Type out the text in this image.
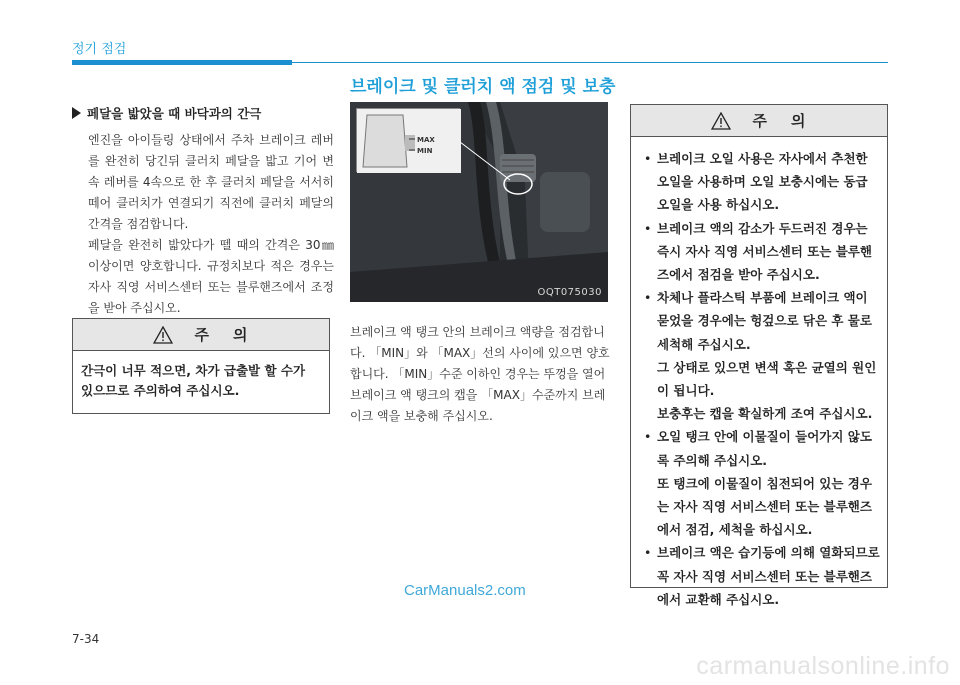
정기 점검
브레이크 및 클러치 액 점검 및 보충
페달을 밟았을 때 바닥과의 간극

엔진을 아이들링 상태에서 주차 브레이크 레버를 완전히 당긴뒤 클러치 페달을 밟고 기어 변속 레버를 4속으로 한 후 클러치 페달을 서서히 떼어 클러치가 연결되기 직전에 클러치 페달의 간격을 점검합니다.

페달을 완전히 밟았다가 뗄 때의 간격은 30㎜ 이상이면 양호합니다. 규정치보다 적은 경우는 자사 직영 서비스센터 또는 블루핸즈에서 조정을 받아 주십시오.

주 의
간극이 너무 적으면, 차가 급출발 할 수가 있으므로 주의하여 주십시오.
MAX
MIN
OQT075030
브레이크 액 탱크 안의 브레이크 액량을 점검합니다. 「MIN」와 「MAX」선의 사이에 있으면 양호합니다. 「MIN」수준 이하인 경우는 뚜껑을 열어 브레이크 액 탱크의 캡을 「MAX」수준까지 브레이크 액을 보충해 주십시오.
주 의

• 브레이크 오일 사용은 자사에서 추천한 오일을 사용하며 오일 보충시에는 동급 오일을 사용 하십시오.

• 브레이크 액의 감소가 두드러진 경우는 즉시 자사 직영 서비스센터 또는 블루핸즈에서 점검을 받아 주십시오.

• 차체나 플라스틱 부품에 브레이크 액이 묻었을 경우에는 헝겊으로 닦은 후 물로 세척해 주십시오.

그 상태로 있으면 변색 혹은 균열의 원인이 됩니다.

보충후는 캡을 확실하게 조여 주십시오.

• 오일 탱크 안에 이물질이 들어가지 않도록 주의해 주십시오.

또 탱크에 이물질이 침전되어 있는 경우는 자사 직영 서비스센터 또는 블루핸즈에서 점검, 세척을 하십시오.

• 브레이크 액은 습기등에 의해 열화되므로 꼭 자사 직영 서비스센터 또는 블루핸즈에서 교환해 주십시오.

CarManuals2.com
7-34
carmanualsonline.info
